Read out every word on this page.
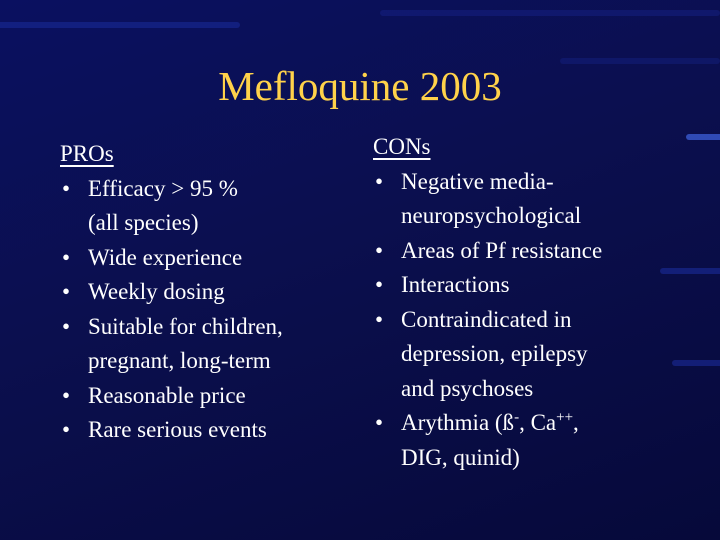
Mefloquine 2003
PROs
• Efficacy > 95 %
(all species)
• Wide experience
• Weekly dosing
• Suitable for children,
pregnant, long-term
• Reasonable price
• Rare serious events
CONs
• Negative media-
neuropsychological
• Areas of Pf resistance
• Interactions
• Contraindicated in
depression, epilepsy
and psychoses
• Arythmia (ß-, Ca++,
DIG, quinid)
